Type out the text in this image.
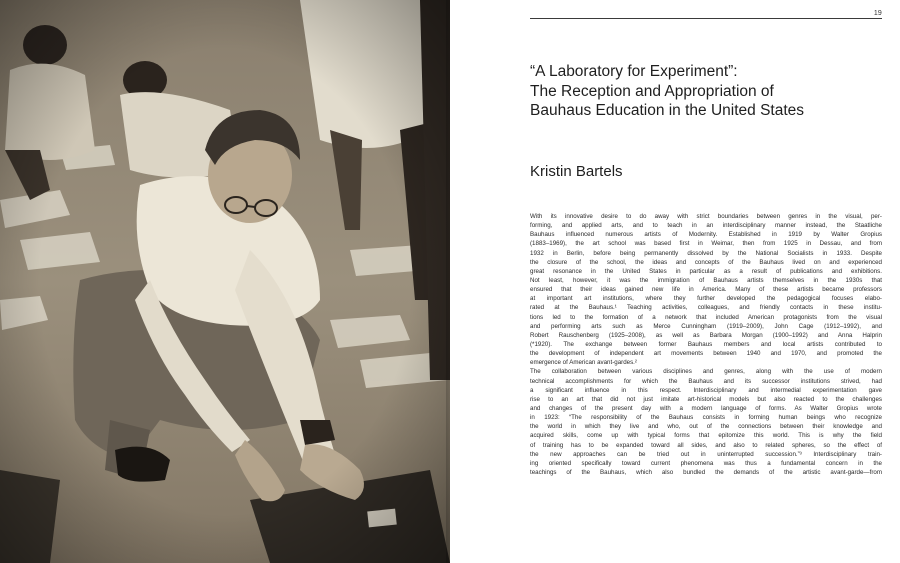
19
“A Laboratory for Experiment”:
The Reception and Appropriation of
Bauhaus Education in the United States
Kristin Bartels
With its innovative desire to do away with strict boundaries between genres in the visual, per-
forming, and applied arts, and to teach in an interdisciplinary manner instead, the Staatliche
Bauhaus influenced numerous artists of Modernity. Established in 1919 by Walter Gropius
(1883–1969), the art school was based first in Weimar, then from 1925 in Dessau, and from
1932 in Berlin, before being permanently dissolved by the National Socialists in 1933. Despite
the closure of the school, the ideas and concepts of the Bauhaus lived on and experienced
great resonance in the United States in particular as a result of publications and exhibitions.
Not least, however, it was the immigration of Bauhaus artists themselves in the 1930s that
ensured that their ideas gained new life in America. Many of these artists became professors
at important art institutions, where they further developed the pedagogical focuses elabo-
rated at the Bauhaus.¹ Teaching activities, colleagues, and friendly contacts in these institu-
tions led to the formation of a network that included American protagonists from the visual
and performing arts such as Merce Cunningham (1919–2009), John Cage (1912–1992), and
Robert Rauschenberg (1925–2008), as well as Barbara Morgan (1900–1992) and Anna Halprin
(*1920). The exchange between former Bauhaus members and local artists contributed to
the development of independent art movements between 1940 and 1970, and promoted the
emergence of American avant-gardes.²
The collaboration between various disciplines and genres, along with the use of modern
technical accomplishments for which the Bauhaus and its successor institutions strived, had
a significant influence in this respect. Interdisciplinary and intermedial experimentation gave
rise to an art that did not just imitate art-historical models but also reacted to the challenges
and changes of the present day with a modern language of forms. As Walter Gropius wrote
in 1923: “The responsibility of the Bauhaus consists in forming human beings who recognize
the world in which they live and who, out of the connections between their knowledge and
acquired skills, come up with typical forms that epitomize this world. This is why the field
of training has to be expanded toward all sides, and also to related spheres, so the effect of
the new approaches can be tried out in uninterrupted succession.”³ Interdisciplinary train-
ing oriented specifically toward current phenomena was thus a fundamental concern in the
teachings of the Bauhaus, which also bundled the demands of the artistic avant-garde—from
